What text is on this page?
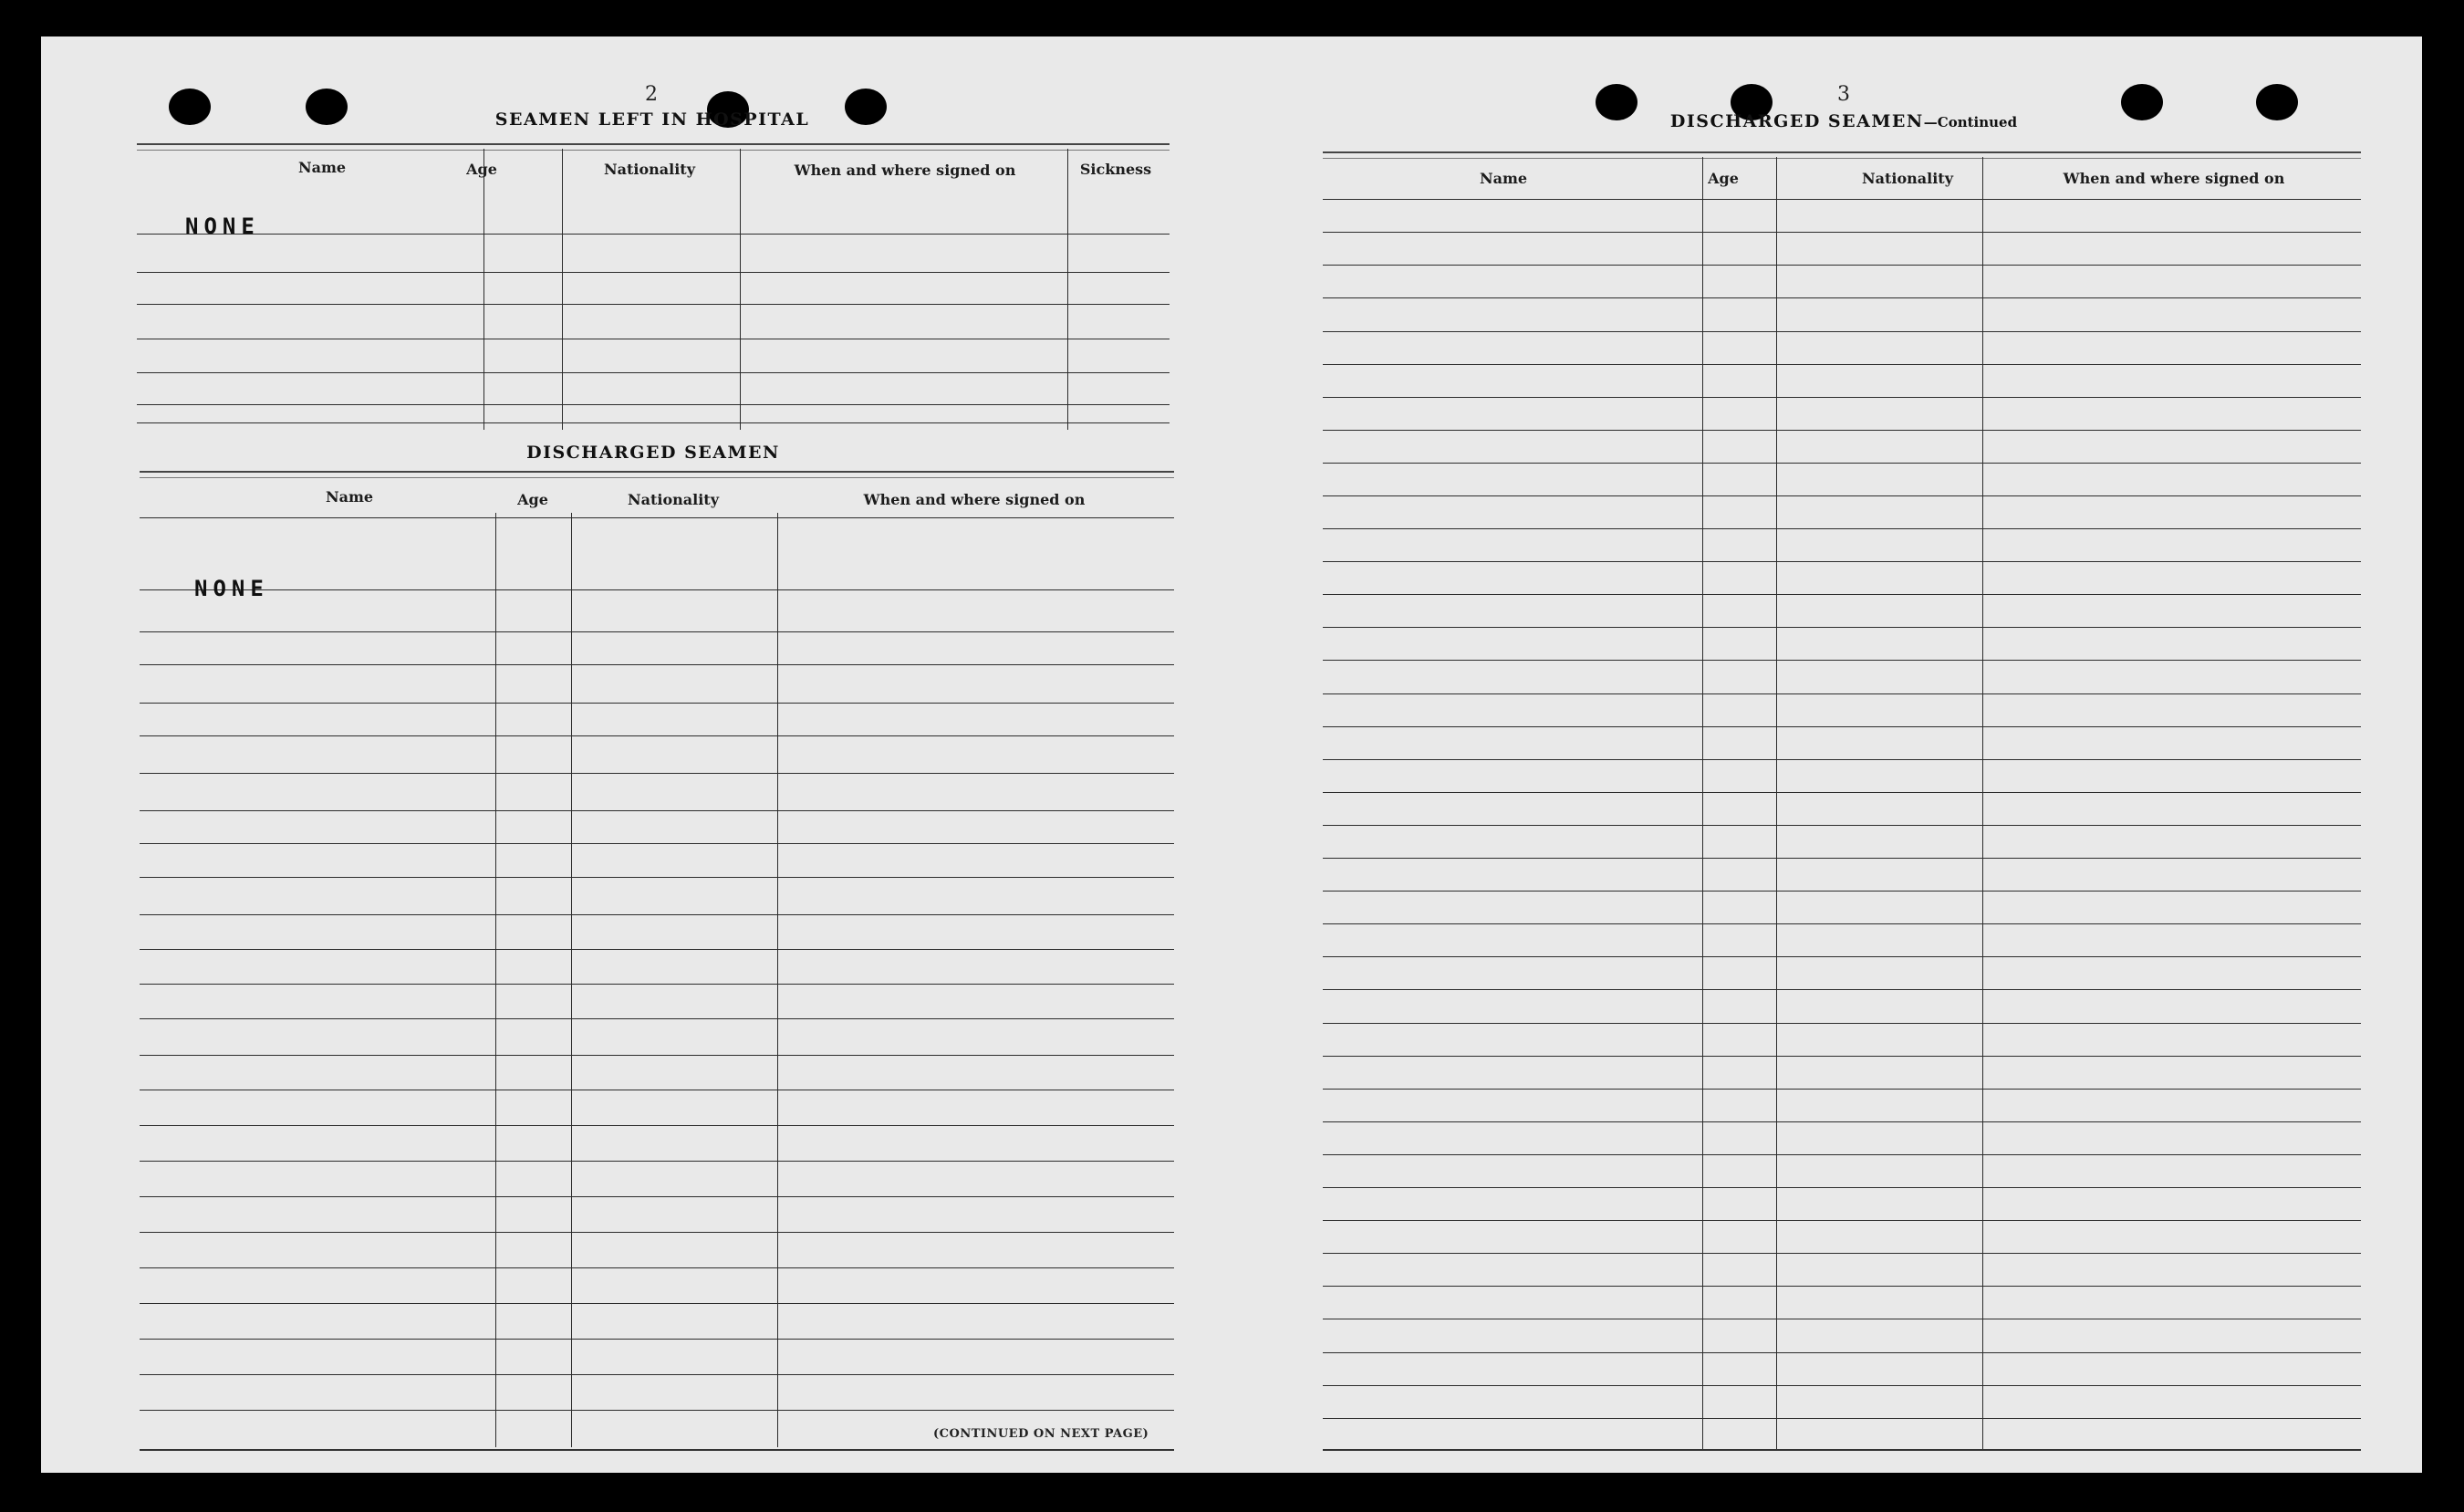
2
SEAMEN LEFT IN HOSPITAL
Name	Age	Nationality	When and where signed on	Sickness
NONE
DISCHARGED SEAMEN
Name	Age	Nationality	When and where signed on
NONE
(CONTINUED ON NEXT PAGE)
3
DISCHARGED SEAMEN—Continued
Name	Age	Nationality	When and where signed on
